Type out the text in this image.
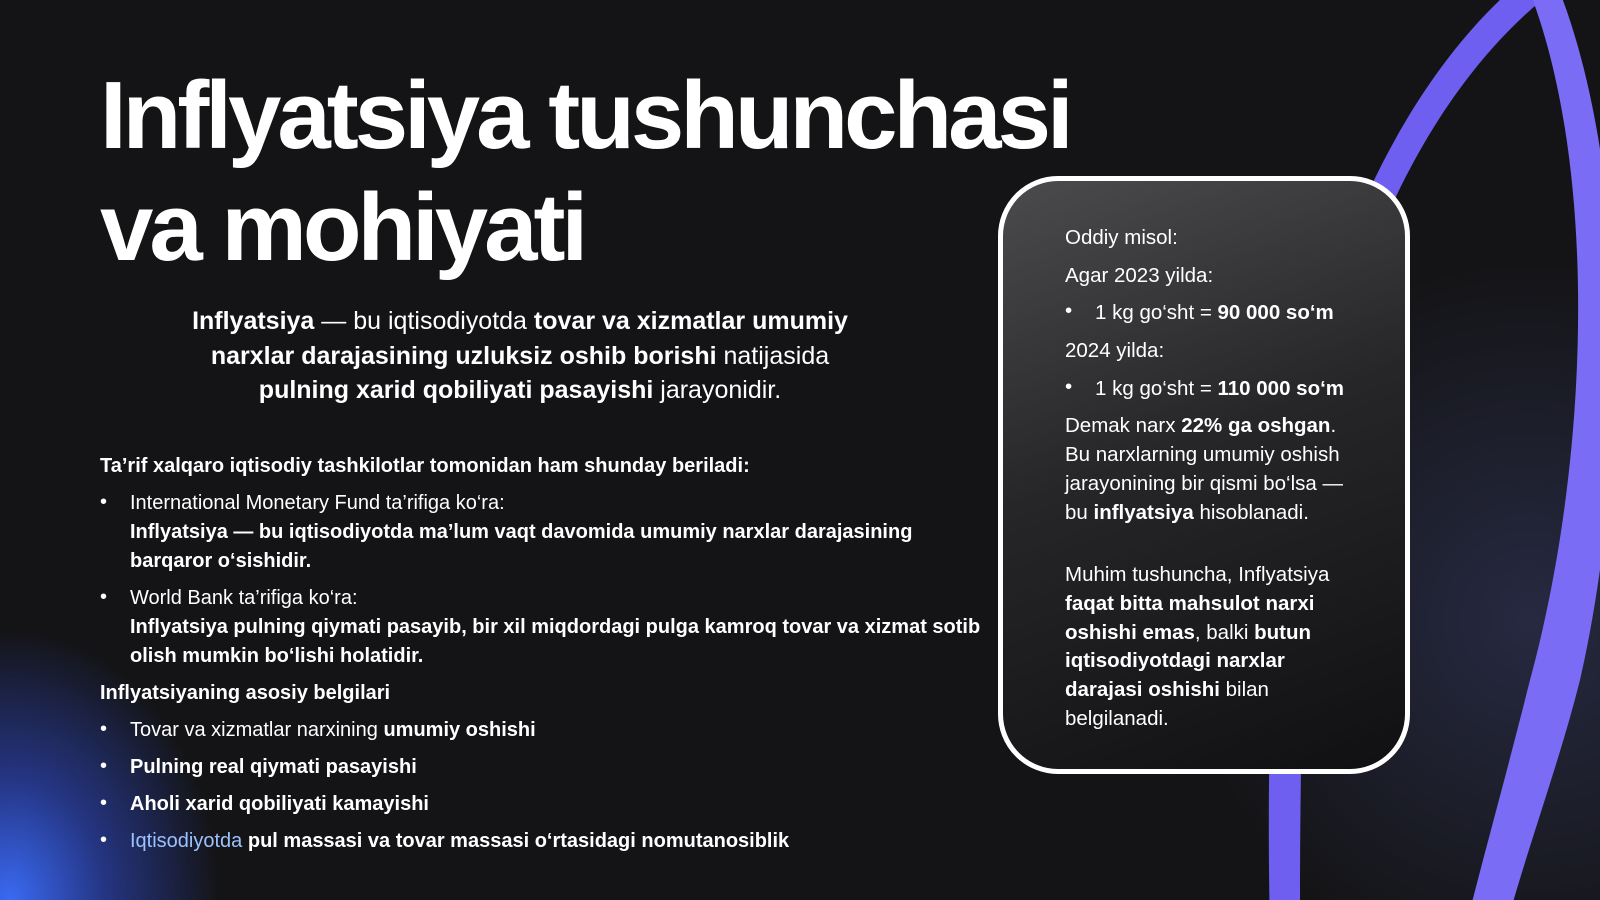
Inflyatsiya tushunchasi va mohiyati
Inflyatsiya — bu iqtisodiyotda tovar va xizmatlar umumiy narxlar darajasining uzluksiz oshib borishi natijasida pulning xarid qobiliyati pasayishi jarayonidir.

Ta’rif xalqaro iqtisodiy tashkilotlar tomonidan ham shunday beriladi:

• International Monetary Fund ta’rifiga ko‘ra:
Inflyatsiya — bu iqtisodiyotda ma’lum vaqt davomida umumiy narxlar darajasining barqaror o‘sishidir.
• World Bank ta’rifiga ko‘ra:
Inflyatsiya pulning qiymati pasayib, bir xil miqdordagi pulga kamroq tovar va xizmat sotib olish mumkin bo‘lishi holatidir.

Inflyatsiyaning asosiy belgilari

• Tovar va xizmatlar narxining umumiy oshishi
• Pulning real qiymati pasayishi
• Aholi xarid qobiliyati kamayishi
• Iqtisodiyotda pul massasi va tovar massasi o‘rtasidagi nomutanosiblik

Oddiy misol:

Agar 2023 yilda:

• 1 kg go‘sht = 90 000 so‘m

2024 yilda:

• 1 kg go‘sht = 110 000 so‘m

Demak narx 22% ga oshgan. Bu narxlarning umumiy oshish jarayonining bir qismi bo‘lsa — bu inflyatsiya hisoblanadi.

Muhim tushuncha, Inflyatsiya faqat bitta mahsulot narxi oshishi emas, balki butun iqtisodiyotdagi narxlar darajasi oshishi bilan belgilanadi.
